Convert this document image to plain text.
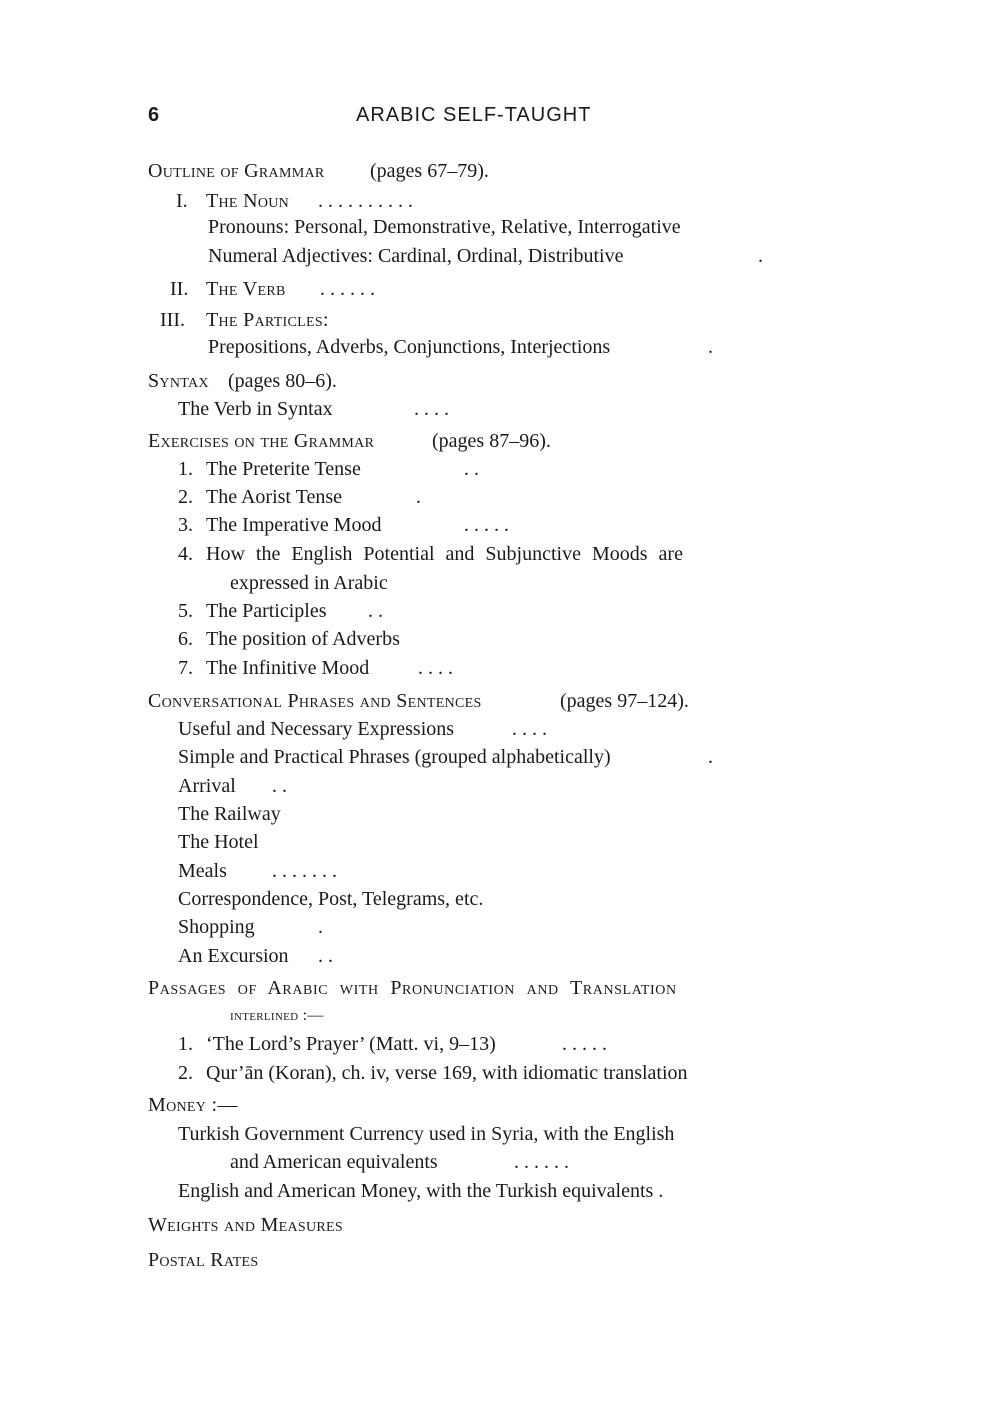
6	ARABIC SELF-TAUGHT
Outline of Grammar (pages 67–79).
I. The Noun . . . . . . . . . .
Pronouns: Personal, Demonstrative, Relative, Interrogative
Numeral Adjectives: Cardinal, Ordinal, Distributive	.
II. The Verb . . . . . .
III. The Particles:
Prepositions, Adverbs, Conjunctions, Interjections	.
Syntax (pages 80–6).
The Verb in Syntax	. . . .
Exercises on the Grammar	(pages 87–96).
1. The Preterite Tense	. .
2. The Aorist Tense	.
3. The Imperative Mood	. . . . .
4. How the English Potential and Subjunctive Moods are
expressed in Arabic
5. The Participles . .
6. The position of Adverbs
7. The Infinitive Mood . . . .
Conversational Phrases and Sentences	(pages 97–124).
Useful and Necessary Expressions	. . . .
Simple and Practical Phrases (grouped alphabetically)	.
Arrival . .
The Railway
The Hotel
Meals . . . . . . .
Correspondence, Post, Telegrams, etc.
Shopping	.
An Excursion . .
Passages of Arabic with Pronunciation and Translation
interlined :—
1. ‘The Lord’s Prayer’ (Matt. vi, 9–13)	. . . . .
2. Qur’ān (Koran), ch. iv, verse 169, with idiomatic translation
Money :—
Turkish Government Currency used in Syria, with the English
and American equivalents	. . . . . .
English and American Money, with the Turkish equivalents .
Weights and Measures
Postal Rates
